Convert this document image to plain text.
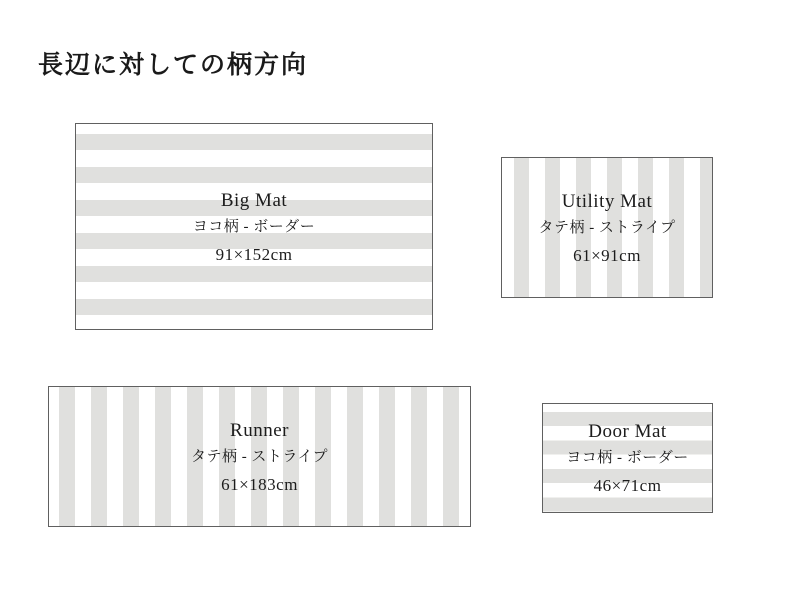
長辺に対しての柄方向
Big Mat
ヨコ柄 - ボーダー
91×152cm
Utility Mat
タテ柄 - ストライプ
61×91cm
Runner
タテ柄 - ストライプ
61×183cm
Door Mat
ヨコ柄 - ボーダー
46×71cm
